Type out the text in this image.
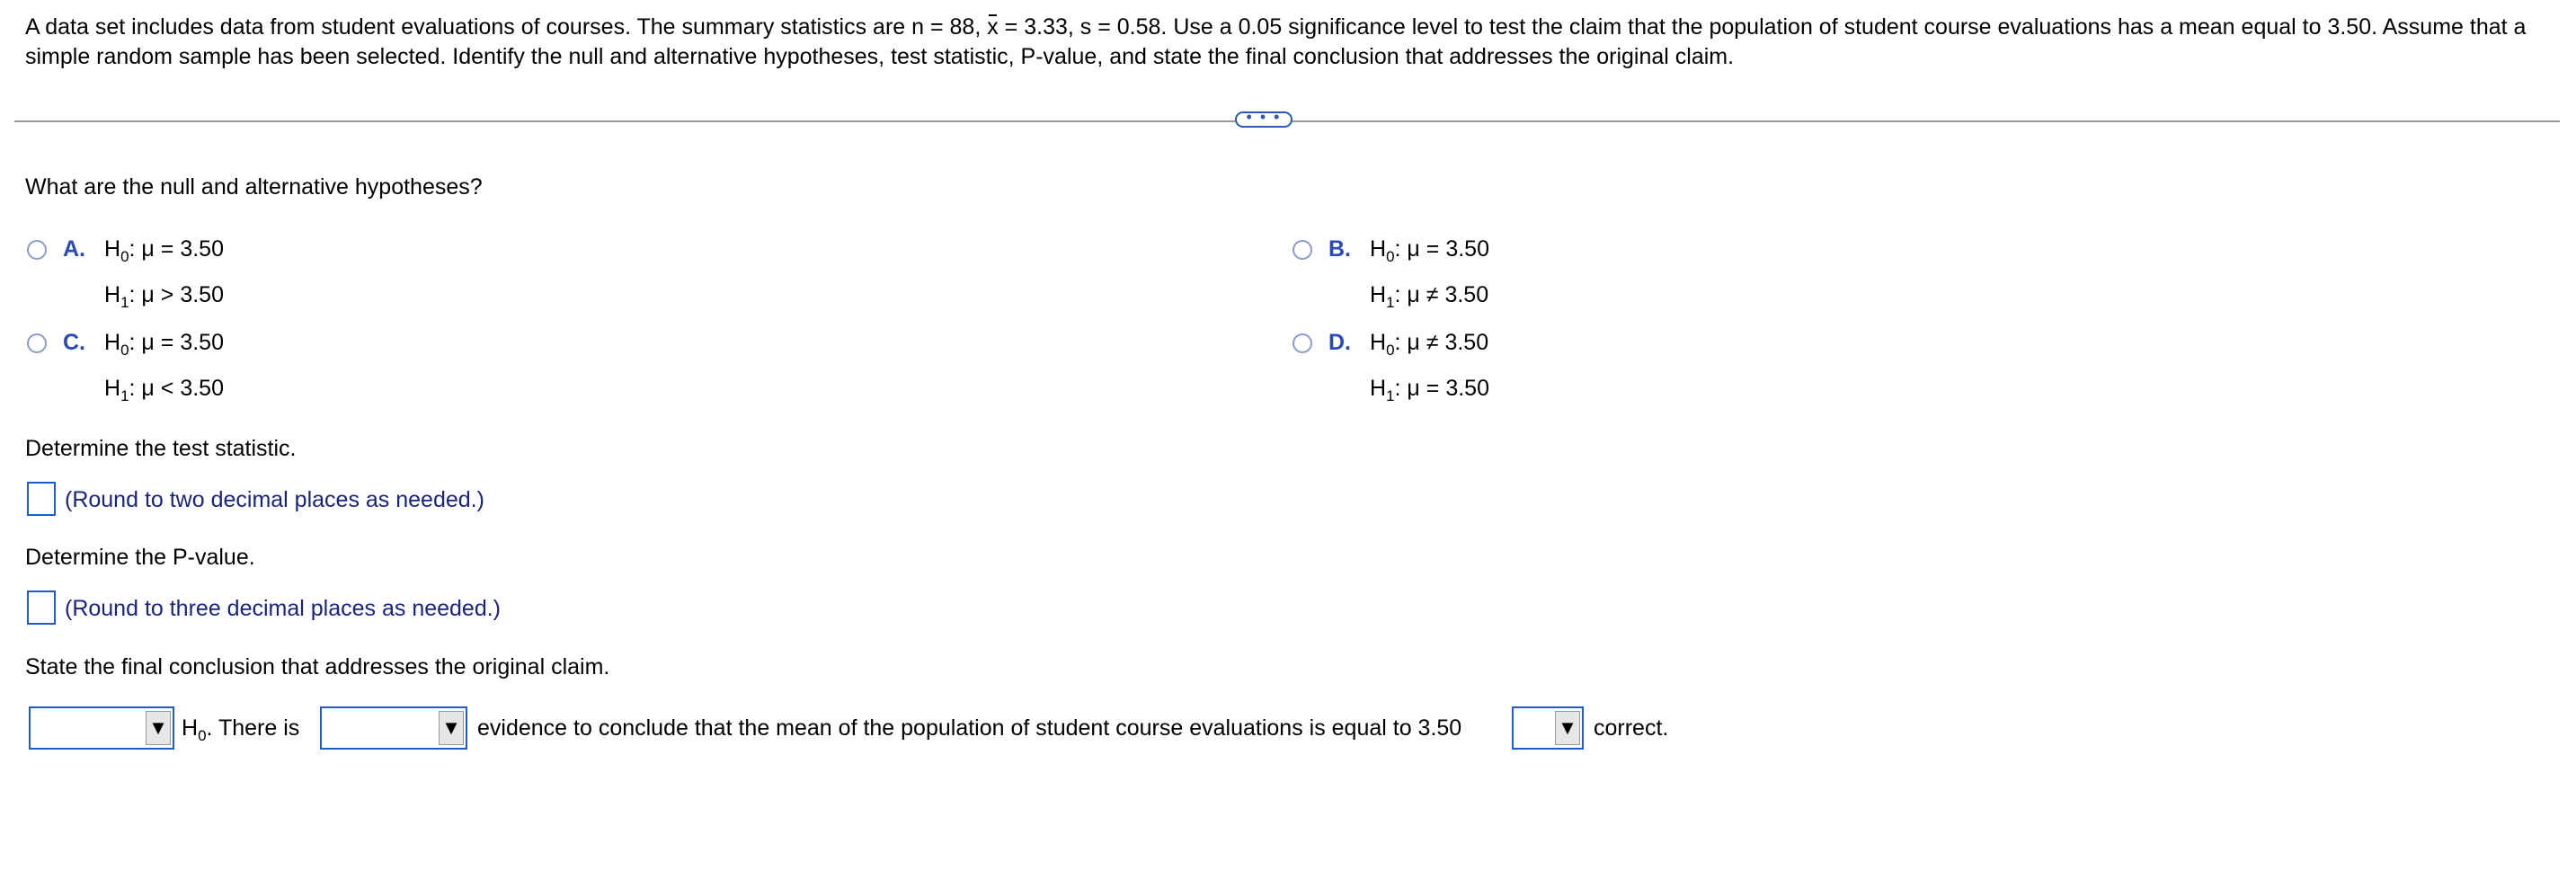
A data set includes data from student evaluations of courses. The summary statistics are n = 88, x = 3.33, s = 0.58. Use a 0.05 significance level to test the claim that the population of student course evaluations has a mean equal to 3.50. Assume that a simple random sample has been selected. Identify the null and alternative hypotheses, test statistic, P-value, and state the final conclusion that addresses the original claim.
• • •
What are the null and alternative hypotheses?
A. $H_0$: μ = 3.50
$H_1$: μ > 3.50
B. $H_0$: μ = 3.50
$H_1$: μ ≠ 3.50
C. $H_0$: μ = 3.50
$H_1$: μ < 3.50
D. $H_0$: μ ≠ 3.50
$H_1$: μ = 3.50
Determine the test statistic.
(Round to two decimal places as needed.)
Determine the P-value.
(Round to three decimal places as needed.)
State the final conclusion that addresses the original claim.
▼ $H_0$. There is	▼ evidence to conclude that the mean of the population of student course evaluations is equal to 3.50	▼ correct.
